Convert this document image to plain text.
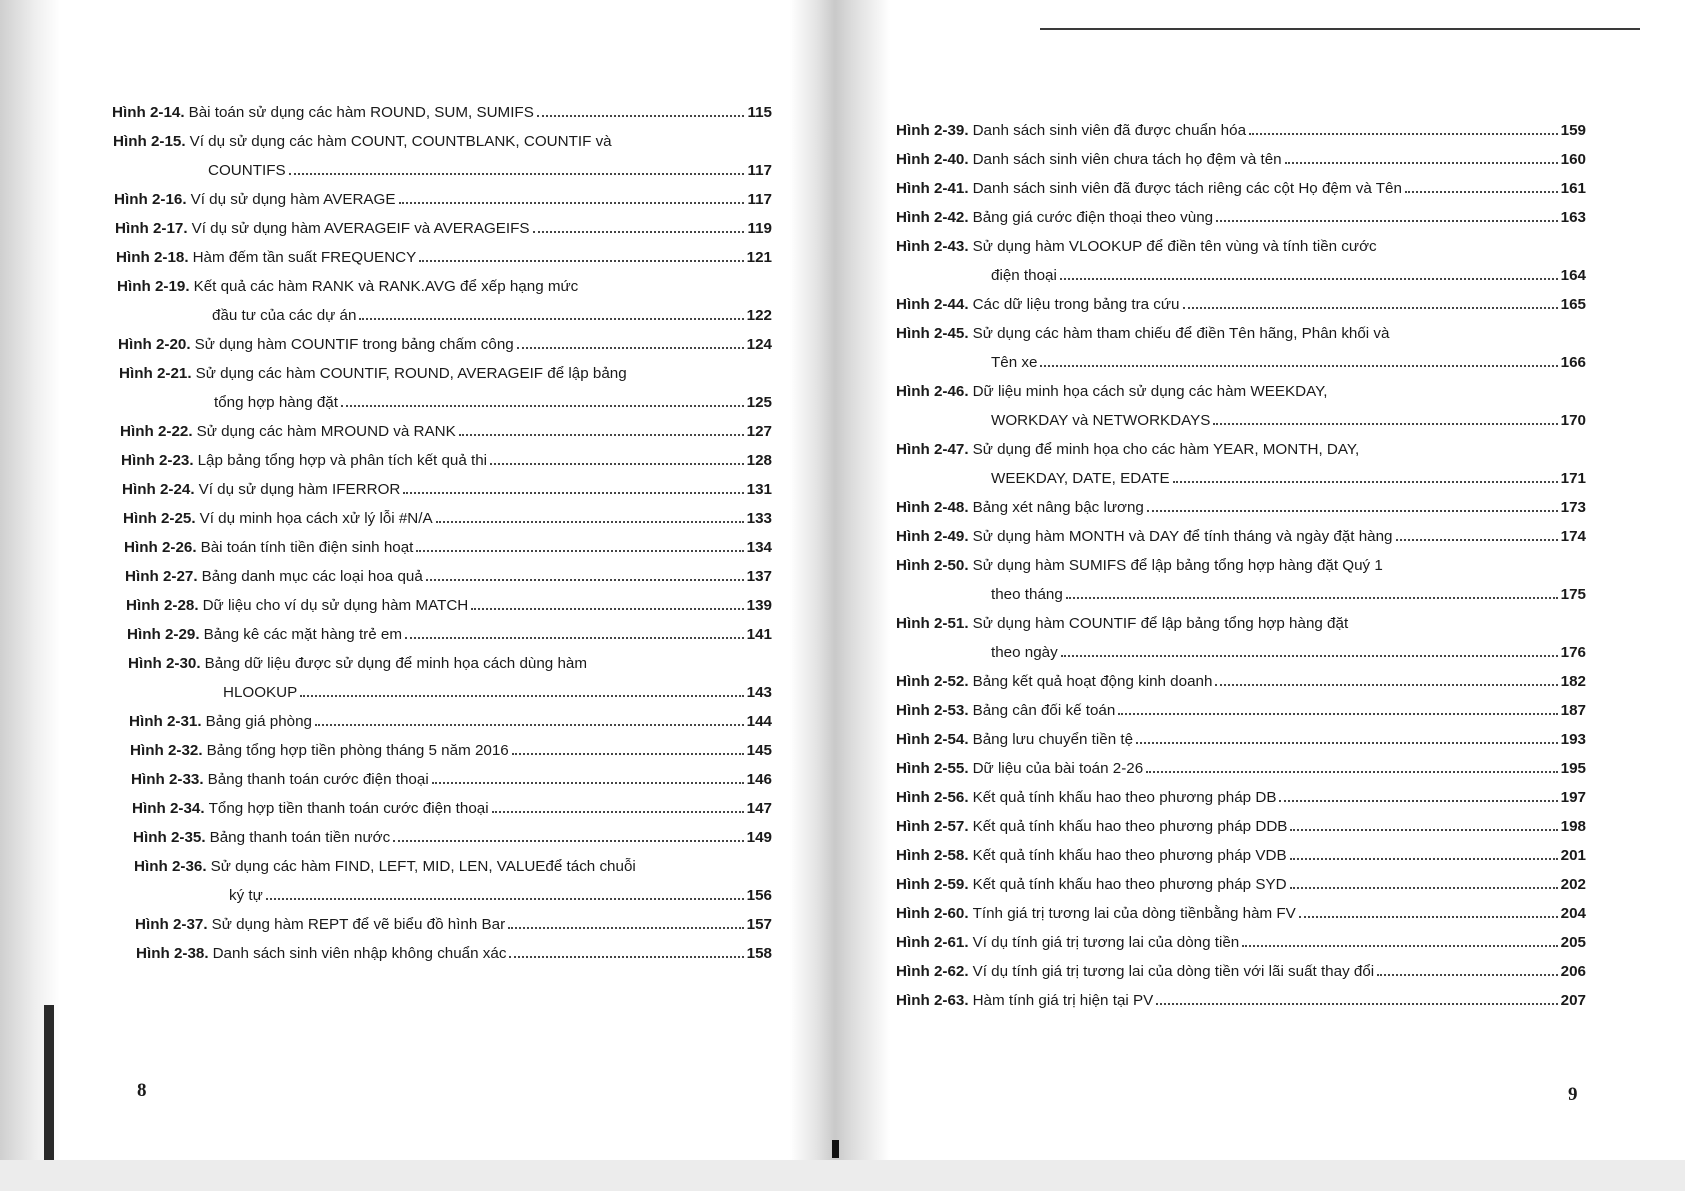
Hình 2-14. Bài toán sử dụng các hàm ROUND, SUM, SUMIFS	115
Hình 2-15. Ví dụ sử dụng các hàm COUNT, COUNTBLANK, COUNTIF và
COUNTIFS	117
Hình 2-16. Ví dụ sử dụng hàm AVERAGE	117
Hình 2-17. Ví dụ sử dụng hàm AVERAGEIF và AVERAGEIFS	119
Hình 2-18. Hàm đếm tần suất FREQUENCY	121
Hình 2-19. Kết quả các hàm RANK và RANK.AVG để xếp hạng mức
đầu tư của các dự án	122
Hình 2-20. Sử dụng hàm COUNTIF trong bảng chấm công	124
Hình 2-21. Sử dụng các hàm COUNTIF, ROUND, AVERAGEIF để lập bảng
tổng hợp hàng đặt	125
Hình 2-22. Sử dụng các hàm MROUND và RANK	127
Hình 2-23. Lập bảng tổng hợp và phân tích kết quả thi	128
Hình 2-24. Ví dụ sử dụng hàm IFERROR	131
Hình 2-25. Ví dụ minh họa cách xử lý lỗi #N/A	133
Hình 2-26. Bài toán tính tiền điện sinh hoạt	134
Hình 2-27. Bảng danh mục các loại hoa quả	137
Hình 2-28. Dữ liệu cho ví dụ sử dụng hàm MATCH	139
Hình 2-29. Bảng kê các mặt hàng trẻ em	141
Hình 2-30. Bảng dữ liệu được sử dụng để minh họa cách dùng hàm
HLOOKUP	143
Hình 2-31. Bảng giá phòng	144
Hình 2-32. Bảng tổng hợp tiền phòng tháng 5 năm 2016	145
Hình 2-33. Bảng thanh toán cước điện thoại	146
Hình 2-34. Tổng hợp tiền thanh toán cước điện thoại	147
Hình 2-35. Bảng thanh toán tiền nước	149
Hình 2-36. Sử dụng các hàm FIND, LEFT, MID, LEN, VALUEđể tách chuỗi
ký tự	156
Hình 2-37. Sử dụng hàm REPT để vẽ biểu đồ hình Bar	157
Hình 2-38. Danh sách sinh viên nhập không chuẩn xác	158
Hình 2-39. Danh sách sinh viên đã được chuẩn hóa	159
Hình 2-40. Danh sách sinh viên chưa tách họ đệm và tên	160
Hình 2-41. Danh sách sinh viên đã được tách riêng các cột Họ đệm và Tên	161
Hình 2-42. Bảng giá cước điện thoại theo vùng	163
Hình 2-43. Sử dụng hàm VLOOKUP để điền tên vùng và tính tiền cước
điện thoại	164
Hình 2-44. Các dữ liệu trong bảng tra cứu	165
Hình 2-45. Sử dụng các hàm tham chiếu để điền Tên hãng, Phân khối và
Tên xe	166
Hình 2-46. Dữ liệu minh họa cách sử dụng các hàm WEEKDAY,
WORKDAY và NETWORKDAYS	170
Hình 2-47. Sử dụng để minh họa cho các hàm YEAR, MONTH, DAY,
WEEKDAY, DATE, EDATE	171
Hình 2-48. Bảng xét nâng bậc lương	173
Hình 2-49. Sử dụng hàm MONTH và DAY để tính tháng và ngày đặt hàng	174
Hình 2-50. Sử dụng hàm SUMIFS để lập bảng tổng hợp hàng đặt Quý 1
theo tháng	175
Hình 2-51. Sử dụng hàm COUNTIF để lập bảng tổng hợp hàng đặt
theo ngày	176
Hình 2-52. Bảng kết quả hoạt động kinh doanh	182
Hình 2-53. Bảng cân đối kế toán	187
Hình 2-54. Bảng lưu chuyển tiền tệ	193
Hình 2-55. Dữ liệu của bài toán 2-26	195
Hình 2-56. Kết quả tính khấu hao theo phương pháp DB	197
Hình 2-57. Kết quả tính khấu hao theo phương pháp DDB	198
Hình 2-58. Kết quả tính khấu hao theo phương pháp VDB	201
Hình 2-59. Kết quả tính khấu hao theo phương pháp SYD	202
Hình 2-60. Tính giá trị tương lai của dòng tiềnbằng hàm FV	204
Hình 2-61. Ví dụ tính giá trị tương lai của dòng tiền	205
Hình 2-62. Ví dụ tính giá trị tương lai của dòng tiền với lãi suất thay đổi	206
Hình 2-63. Hàm tính giá trị hiện tại PV	207
8	9
